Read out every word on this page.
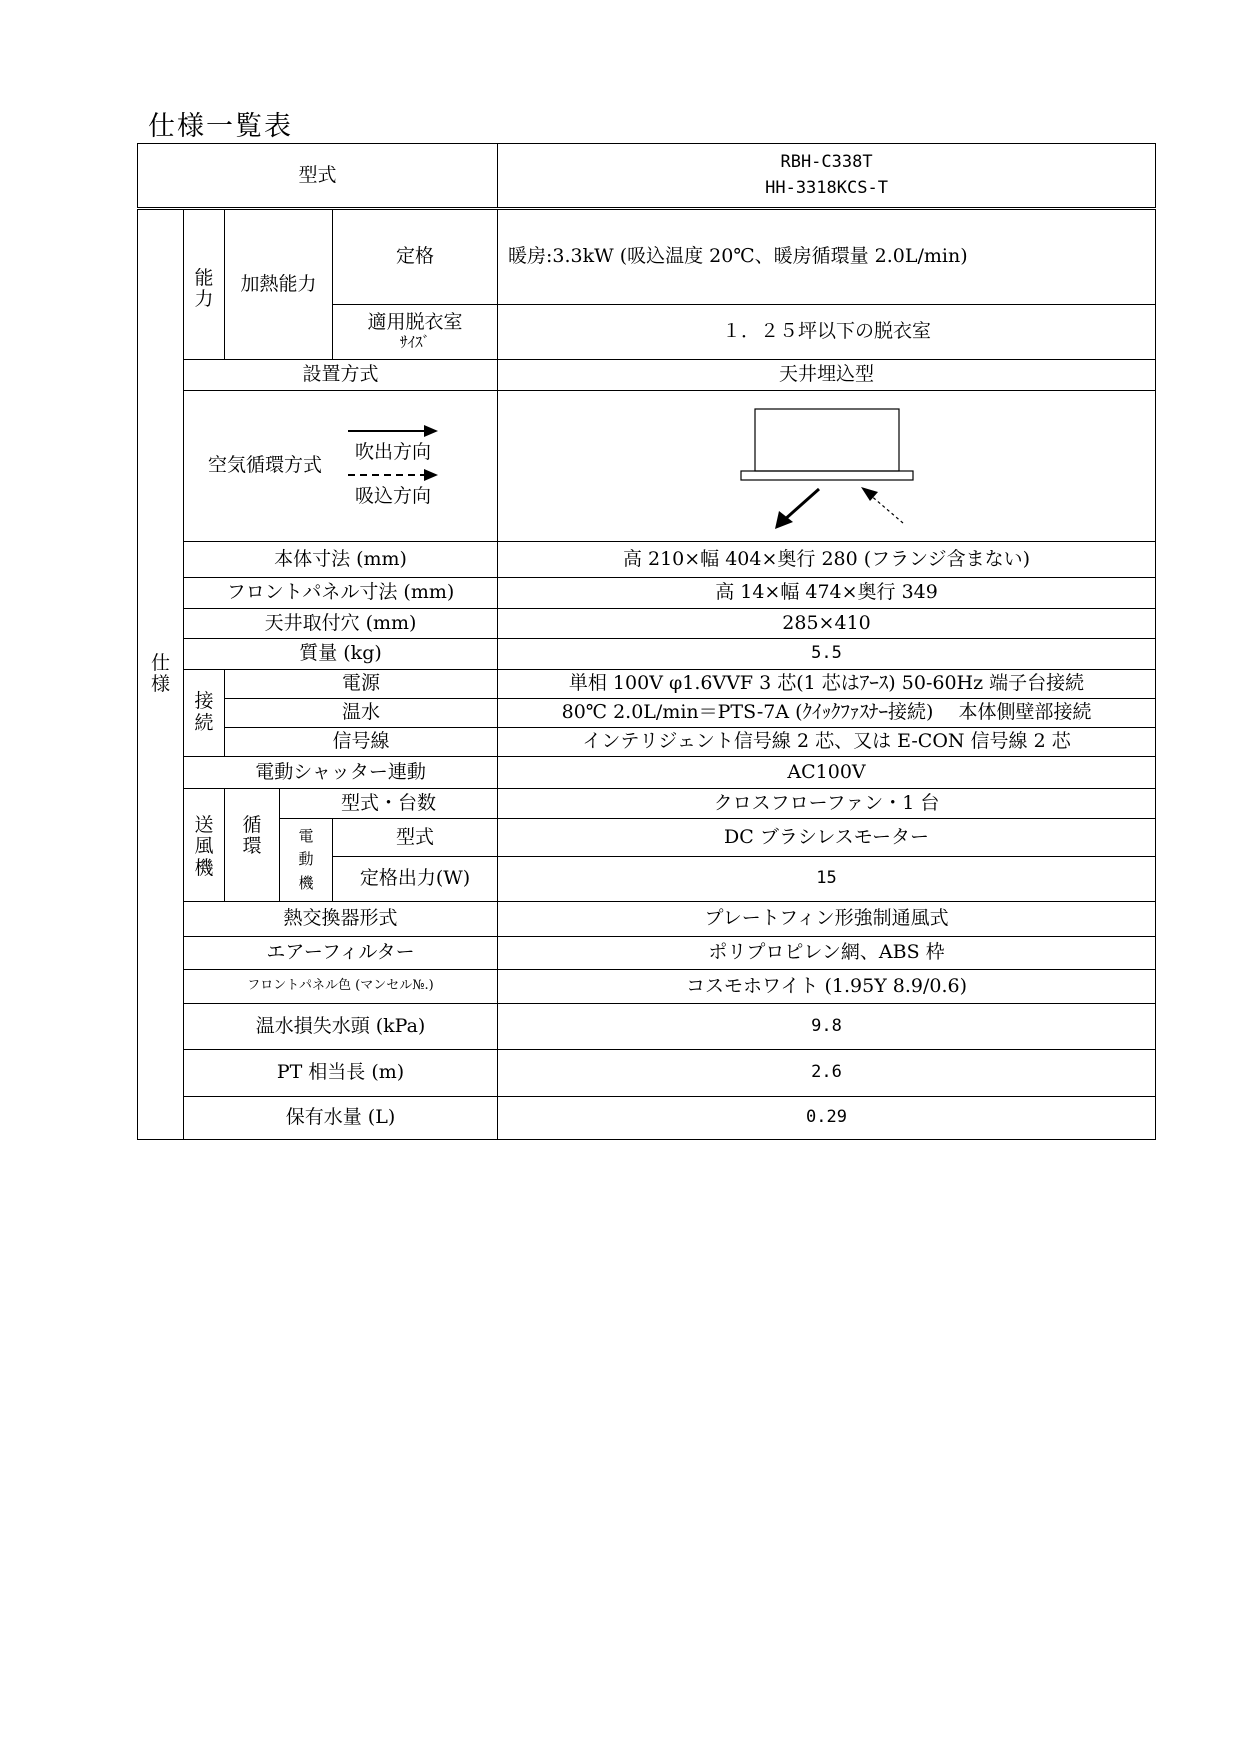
仕様一覧表
型式					RBH-C338T
HH-3318KCS-T

仕様	能力	加熱能力		定格	暖房:3.3kW (吸込温度 20℃、暖房循環量 2.0L/min)

				適用脱衣室
ｻｲｽﾞ	１．２５坪以下の脱衣室
	設置方式				天井埋込型

	空気循環方式
吹出方向
吸込方向

	本体寸法 (mm)				高 210×幅 404×奥行 280 (フランジ含まない)
	フロントパネル寸法 (mm)				高 14×幅 474×奥行 349
	天井取付穴 (mm)				285×410
	質量 (kg)				5.5
	接続	電源			単相 100V φ1.6VVF 3 芯(1 芯はｱｰｽ) 50-60Hz 端子台接続
		温水			80℃ 2.0L/min＝PTS-7A (ｸｲｯｸﾌｧｽﾅｰ接続)　 本体側壁部接続
		信号線			インテリジェント信号線 2 芯、又は E-CON 信号線 2 芯
	電動シャッター連動				AC100V
	送風機	循環	型式・台数		クロスフローファン・1 台
			電動機	型式	DC ブラシレスモーター
				定格出力(W)	15
	熱交換器形式				プレートフィン形強制通風式
	エアーフィルター				ポリプロピレン網、ABS 枠
	フロントパネル色 (マンセル№.)				コスモホワイト (1.95Y 8.9/0.6)
	温水損失水頭 (kPa)				9.8
	PT 相当長 (m)				2.6
	保有水量 (L)				0.29
